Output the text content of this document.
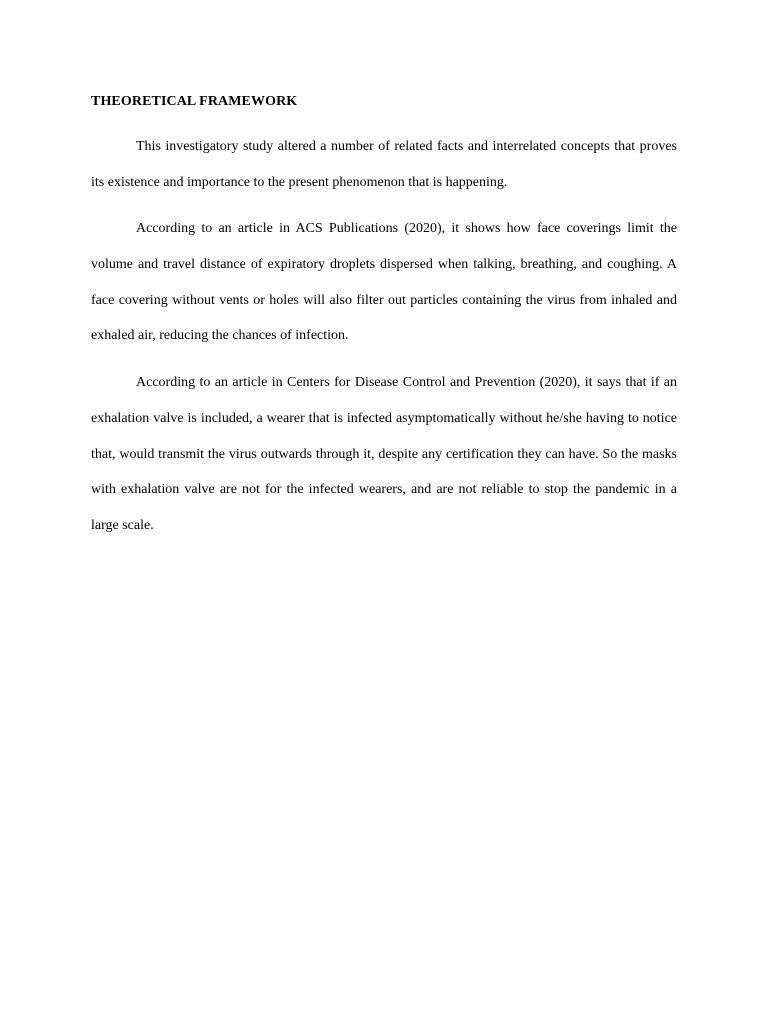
THEORETICAL FRAMEWORK

This investigatory study altered a number of related facts and interrelated concepts that proves its existence and importance to the present phenomenon that is happening.

According to an article in ACS Publications (2020), it shows how face coverings limit the volume and travel distance of expiratory droplets dispersed when talking, breathing, and coughing. A face covering without vents or holes will also filter out particles containing the virus from inhaled and exhaled air, reducing the chances of infection.

According to an article in Centers for Disease Control and Prevention (2020), it says that if an exhalation valve is included, a wearer that is infected asymptomatically without he/she having to notice that, would transmit the virus outwards through it, despite any certification they can have. So the masks with exhalation valve are not for the infected wearers, and are not reliable to stop the pandemic in a large scale.
